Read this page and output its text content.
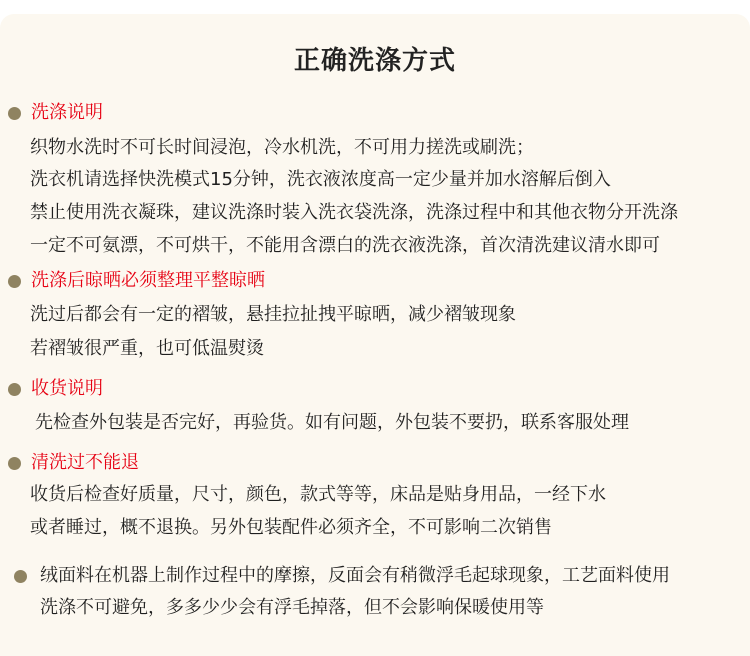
正确洗涤方式
洗涤说明
织物水洗时不可长时间浸泡，冷水机洗，不可用力搓洗或刷洗；
洗衣机请选择快洗模式15分钟，洗衣液浓度高一定少量并加水溶解后倒入
禁止使用洗衣凝珠，建议洗涤时装入洗衣袋洗涤，洗涤过程中和其他衣物分开洗涤
一定不可氨漂，不可烘干，不能用含漂白的洗衣液洗涤，首次清洗建议清水即可
洗涤后晾晒必须整理平整晾晒
洗过后都会有一定的褶皱，悬挂拉扯拽平晾晒，减少褶皱现象
若褶皱很严重，也可低温熨烫
收货说明
先检查外包装是否完好，再验货。如有问题，外包装不要扔，联系客服处理
清洗过不能退
收货后检查好质量，尺寸，颜色，款式等等，床品是贴身用品，一经下水
或者睡过，概不退换。另外包装配件必须齐全，不可影响二次销售
绒面料在机器上制作过程中的摩擦，反面会有稍微浮毛起球现象，工艺面料使用
洗涤不可避免，多多少少会有浮毛掉落，但不会影响保暖使用等
